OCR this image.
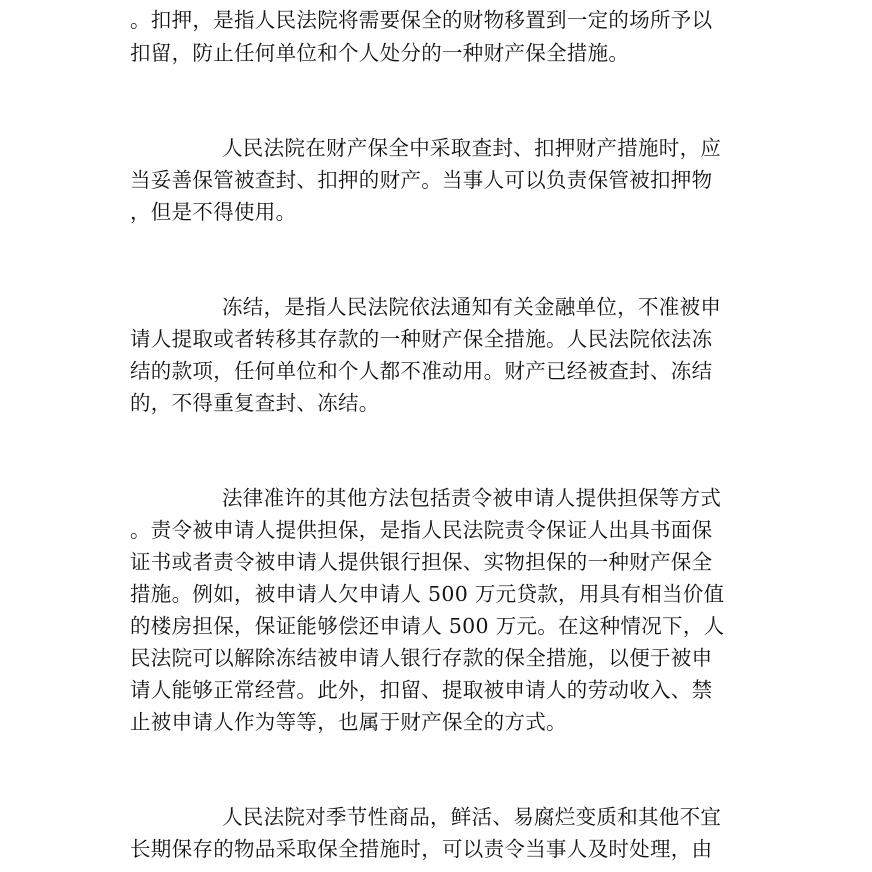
。扣押，是指人民法院将需要保全的财物移置到一定的场所予以
扣留，防止任何单位和个人处分的一种财产保全措施。
人民法院在财产保全中采取查封、扣押财产措施时，应
当妥善保管被查封、扣押的财产。当事人可以负责保管被扣押物
，但是不得使用。
冻结，是指人民法院依法通知有关金融单位，不准被申
请人提取或者转移其存款的一种财产保全措施。人民法院依法冻
结的款项，任何单位和个人都不准动用。财产已经被查封、冻结
的，不得重复查封、冻结。
法律准许的其他方法包括责令被申请人提供担保等方式
。责令被申请人提供担保，是指人民法院责令保证人出具书面保
证书或者责令被申请人提供银行担保、实物担保的一种财产保全
措施。例如，被申请人欠申请人 500 万元贷款，用具有相当价值
的楼房担保，保证能够偿还申请人 500 万元。在这种情况下，人
民法院可以解除冻结被申请人银行存款的保全措施，以便于被申
请人能够正常经营。此外，扣留、提取被申请人的劳动收入、禁
止被申请人作为等等，也属于财产保全的方式。
人民法院对季节性商品，鲜活、易腐烂变质和其他不宜
长期保存的物品采取保全措施时，可以责令当事人及时处理，由
